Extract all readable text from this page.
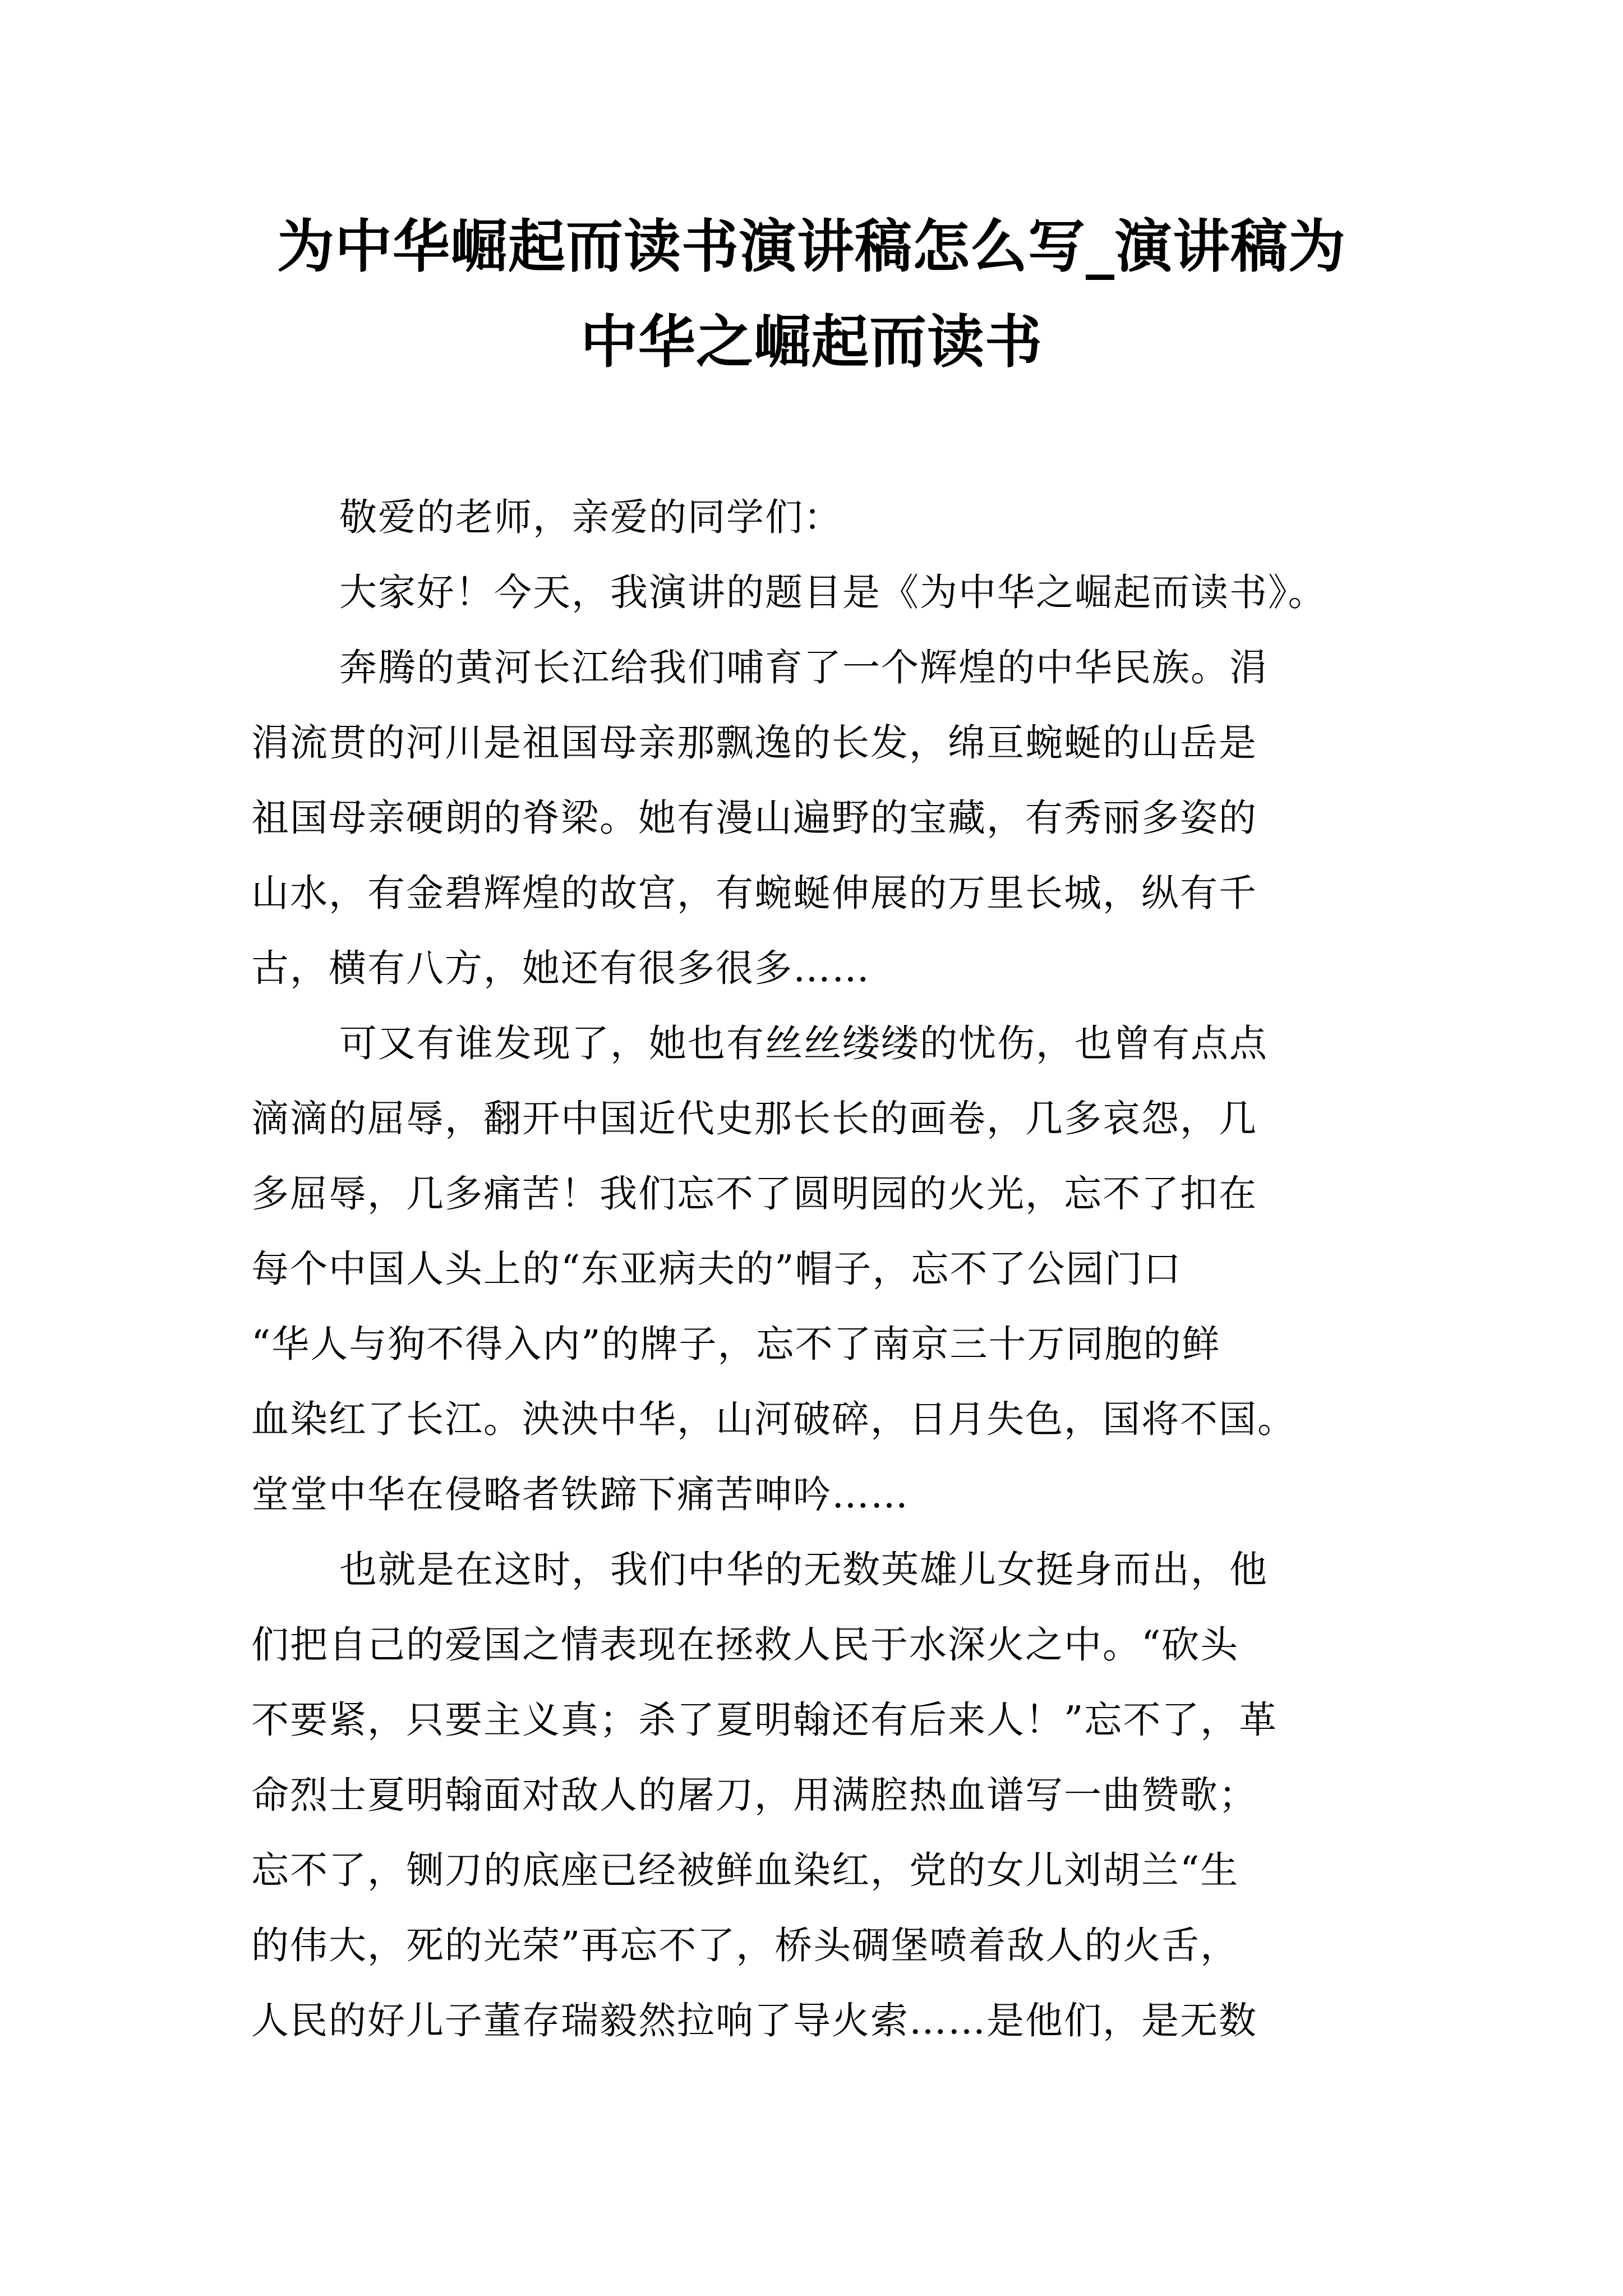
为中华崛起而读书演讲稿怎么写_演讲稿为
中华之崛起而读书

敬爱的老师，亲爱的同学们：

大家好！今天，我演讲的题目是《为中华之崛起而读书》。

奔腾的黄河长江给我们哺育了一个辉煌的中华民族。涓

涓流贯的河川是祖国母亲那飘逸的长发，绵亘蜿蜒的山岳是

祖国母亲硬朗的脊梁。她有漫山遍野的宝藏，有秀丽多姿的

山水，有金碧辉煌的故宫，有蜿蜒伸展的万里长城，纵有千

古，横有八方，她还有很多很多……

可又有谁发现了，她也有丝丝缕缕的忧伤，也曾有点点

滴滴的屈辱，翻开中国近代史那长长的画卷，几多哀怨，几

多屈辱，几多痛苦！我们忘不了圆明园的火光，忘不了扣在

每个中国人头上的“东亚病夫的”帽子，忘不了公园门口

“华人与狗不得入内”的牌子，忘不了南京三十万同胞的鲜

血染红了长江。泱泱中华，山河破碎，日月失色，国将不国。

堂堂中华在侵略者铁蹄下痛苦呻吟……

也就是在这时，我们中华的无数英雄儿女挺身而出，他

们把自己的爱国之情表现在拯救人民于水深火之中。“砍头

不要紧，只要主义真；杀了夏明翰还有后来人！”忘不了，革

命烈士夏明翰面对敌人的屠刀，用满腔热血谱写一曲赞歌；

忘不了，铡刀的底座已经被鲜血染红，党的女儿刘胡兰“生

的伟大，死的光荣”再忘不了，桥头碉堡喷着敌人的火舌，

人民的好儿子董存瑞毅然拉响了导火索……是他们，是无数
